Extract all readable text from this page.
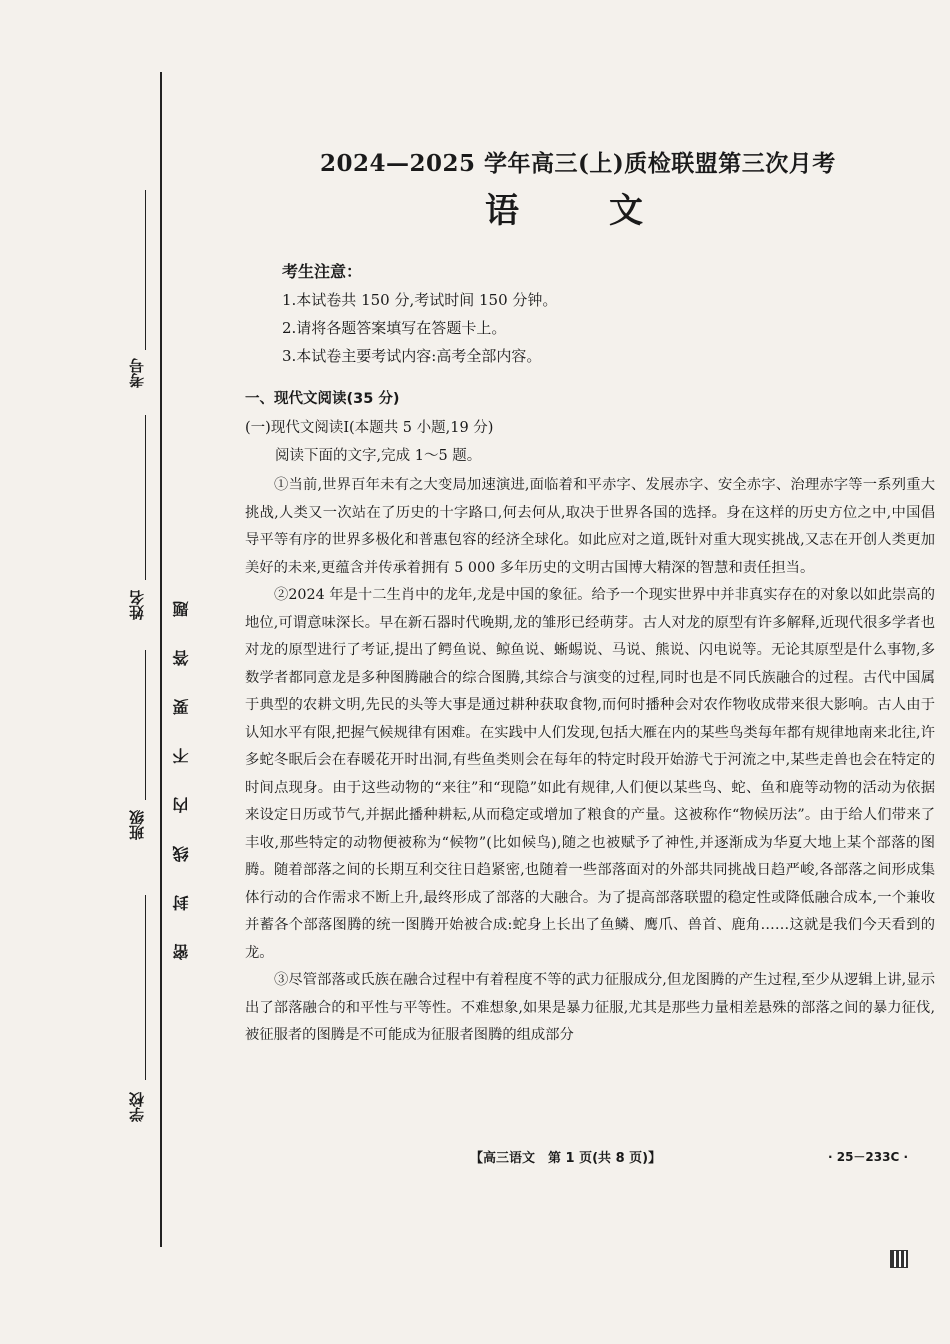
考号
姓名
班级
学校
密封线内不要答题
2024—2025 学年高三(上)质检联盟第三次月考
语文
考生注意：
1.本试卷共 150 分,考试时间 150 分钟。
2.请将各题答案填写在答题卡上。
3.本试卷主要考试内容:高考全部内容。
一、现代文阅读(35 分)
(一)现代文阅读Ⅰ(本题共 5 小题,19 分)
阅读下面的文字,完成 1～5 题。

①当前,世界百年未有之大变局加速演进,面临着和平赤字、发展赤字、安全赤字、治理赤字等一系列重大挑战,人类又一次站在了历史的十字路口,何去何从,取决于世界各国的选择。身在这样的历史方位之中,中国倡导平等有序的世界多极化和普惠包容的经济全球化。如此应对之道,既针对重大现实挑战,又志在开创人类更加美好的未来,更蕴含并传承着拥有 5 000 多年历史的文明古国博大精深的智慧和责任担当。

②2024 年是十二生肖中的龙年,龙是中国的象征。给予一个现实世界中并非真实存在的对象以如此崇高的地位,可谓意味深长。早在新石器时代晚期,龙的雏形已经萌芽。古人对龙的原型有许多解释,近现代很多学者也对龙的原型进行了考证,提出了鳄鱼说、鲸鱼说、蜥蜴说、马说、熊说、闪电说等。无论其原型是什么事物,多数学者都同意龙是多种图腾融合的综合图腾,其综合与演变的过程,同时也是不同氏族融合的过程。古代中国属于典型的农耕文明,先民的头等大事是通过耕种获取食物,而何时播种会对农作物收成带来很大影响。古人由于认知水平有限,把握气候规律有困难。在实践中人们发现,包括大雁在内的某些鸟类每年都有规律地南来北往,许多蛇冬眠后会在春暖花开时出洞,有些鱼类则会在每年的特定时段开始游弋于河流之中,某些走兽也会在特定的时间点现身。由于这些动物的“来往”和“现隐”如此有规律,人们便以某些鸟、蛇、鱼和鹿等动物的活动为依据来设定日历或节气,并据此播种耕耘,从而稳定或增加了粮食的产量。这被称作“物候历法”。由于给人们带来了丰收,那些特定的动物便被称为“候物”(比如候鸟),随之也被赋予了神性,并逐渐成为华夏大地上某个部落的图腾。随着部落之间的长期互利交往日趋紧密,也随着一些部落面对的外部共同挑战日趋严峻,各部落之间形成集体行动的合作需求不断上升,最终形成了部落的大融合。为了提高部落联盟的稳定性或降低融合成本,一个兼收并蓄各个部落图腾的统一图腾开始被合成:蛇身上长出了鱼鳞、鹰爪、兽首、鹿角……这就是我们今天看到的龙。

③尽管部落或氏族在融合过程中有着程度不等的武力征服成分,但龙图腾的产生过程,至少从逻辑上讲,显示出了部落融合的和平性与平等性。不难想象,如果是暴力征服,尤其是那些力量相差悬殊的部落之间的暴力征伐,被征服者的图腾是不可能成为征服者图腾的组成部分

【高三语文　第 1 页(共 8 页)】	· 25－233C ·
